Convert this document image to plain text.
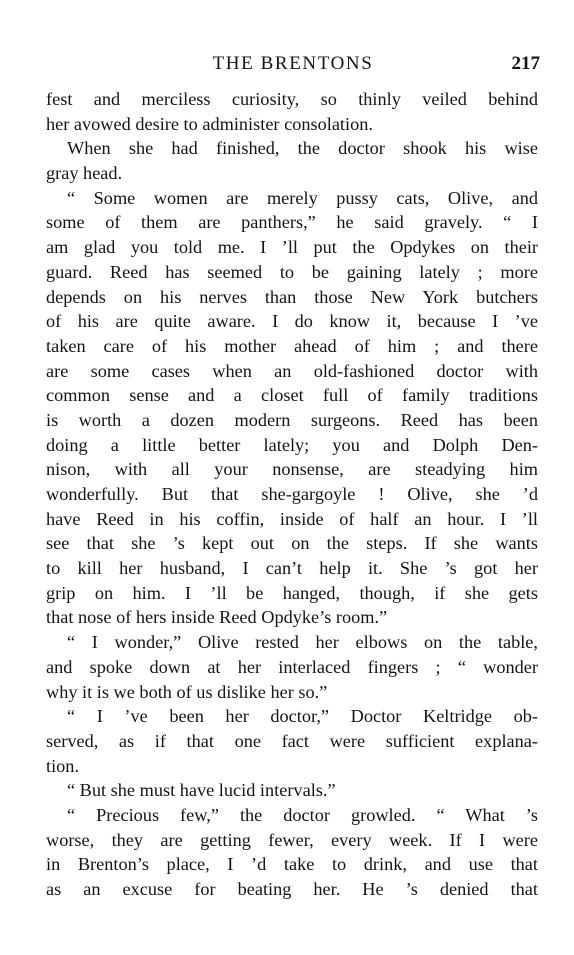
THE BRENTONS	217
fest and merciless curiosity, so thinly veiled behind
her avowed desire to administer consolation.
When she had finished, the doctor shook his wise
gray head.
“ Some women are merely pussy cats, Olive, and
some of them are panthers,” he said gravely. “ I
am glad you told me. I ’ll put the Opdykes on their
guard. Reed has seemed to be gaining lately ; more
depends on his nerves than those New York butchers
of his are quite aware. I do know it, because I ’ve
taken care of his mother ahead of him ; and there
are some cases when an old-fashioned doctor with
common sense and a closet full of family traditions
is worth a dozen modern surgeons. Reed has been
doing a little better lately; you and Dolph Den-
nison, with all your nonsense, are steadying him
wonderfully. But that she-gargoyle ! Olive, she ’d
have Reed in his coffin, inside of half an hour. I ’ll
see that she ’s kept out on the steps. If she wants
to kill her husband, I can’t help it. She ’s got her
grip on him. I ’ll be hanged, though, if she gets
that nose of hers inside Reed Opdyke’s room.”
“ I wonder,” Olive rested her elbows on the table,
and spoke down at her interlaced fingers ; “ wonder
why it is we both of us dislike her so.”
“ I ’ve been her doctor,” Doctor Keltridge ob-
served, as if that one fact were sufficient explana-
tion.
“ But she must have lucid intervals.”
“ Precious few,” the doctor growled. “ What ’s
worse, they are getting fewer, every week. If I were
in Brenton’s place, I ’d take to drink, and use that
as an excuse for beating her. He ’s denied that
